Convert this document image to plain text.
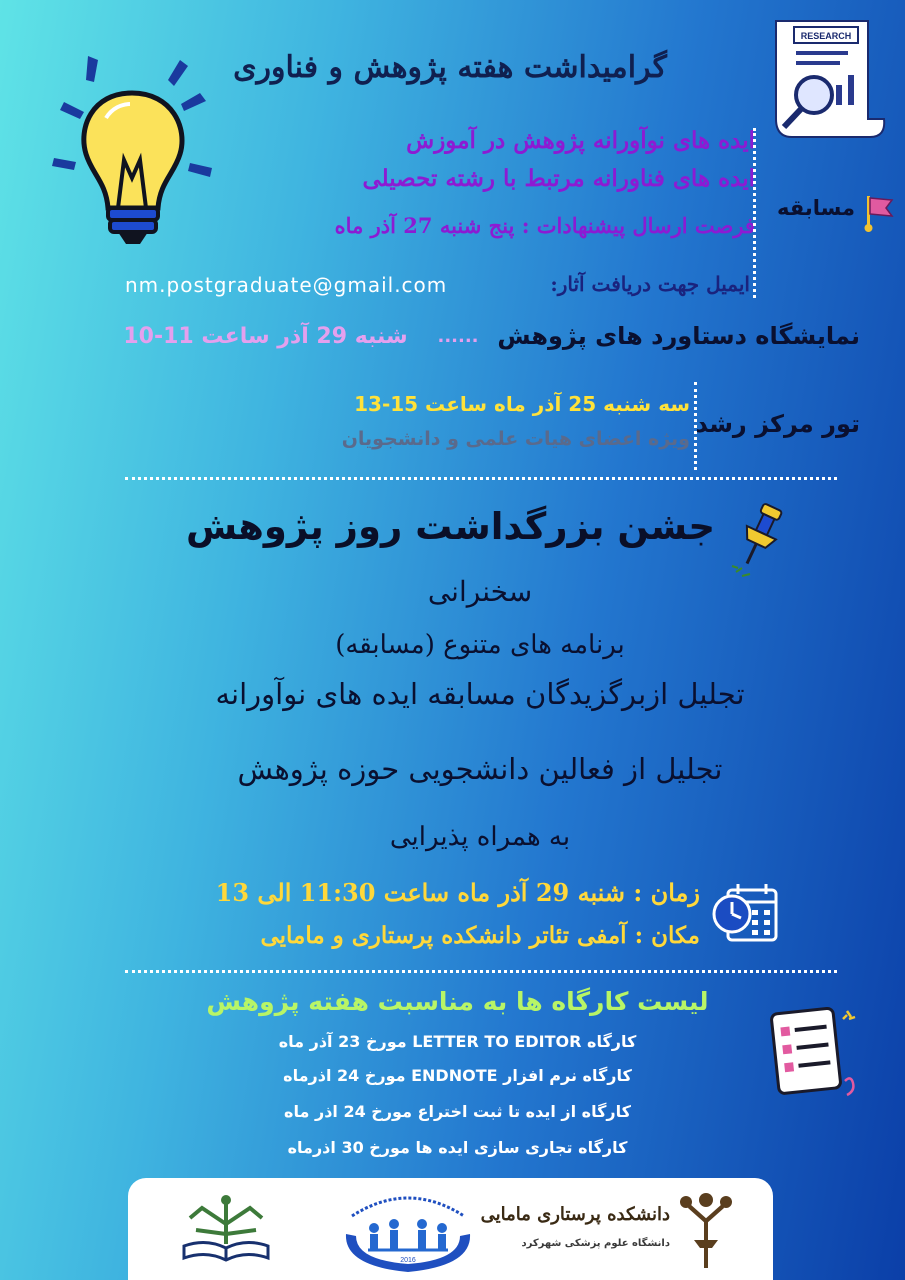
RESEARCH
گرامیداشت هفته پژوهش و فناوری
ایده های نوآورانه پژوهش در آموزش
ایده های فناورانه مرتبط با رشته تحصیلی
فرصت ارسال پیشنهادات : پنج شنبه 27 آذر ماه
ایمیل جهت دریافت آثار:
nm.postgraduate@gmail.com
مسابقه
نمایشگاه دستاورد های پژوهش
......
شنبه 29 آذر ساعت 11-10
تور مرکز رشد
سه شنبه 25 آذر ماه ساعت 15-13
ویژه اعضای هیات علمی و دانشجویان
جشن بزرگداشت روز پژوهش
سخنرانی
برنامه های متنوع (مسابقه)
تجلیل ازبرگزیدگان مسابقه ایده های نوآورانه
تجلیل از فعالین دانشجویی حوزه پژوهش
به همراه پذیرایی
زمان : شنبه 29 آذر ماه ساعت 11:30 الی 13
مکان : آمفی تئاتر دانشکده پرستاری و مامایی
لیست کارگاه ها به مناسبت هفته پژوهش
کارگاه LETTER TO EDITOR مورخ 23 آذر ماه
کارگاه نرم افزار ENDNOTE مورخ 24 اذرماه
کارگاه از ایده تا ثبت اختراع مورخ 24 اذر ماه
کارگاه تجاری سازی ایده ها مورخ 30 اذرماه
2016
دانشکده پرستاری مامایی
دانشگاه علوم پزشکی شهرکرد
